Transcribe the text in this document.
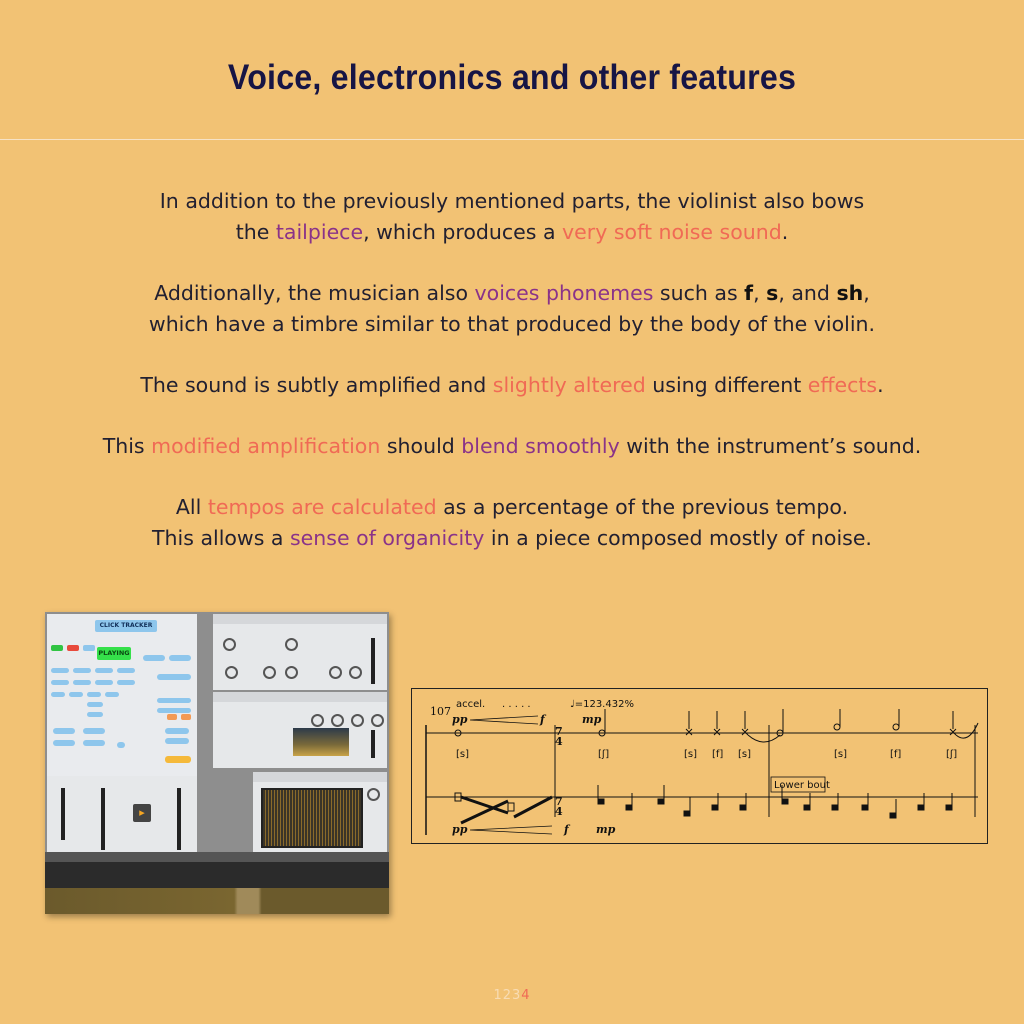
Voice, electronics and other features

In addition to the previously mentioned parts, the violinist also bows
the tailpiece, which produces a very soft noise sound.

Additionally, the musician also voices phonemes such as f, s, and sh,
which have a timbre similar to that produced by the body of the violin.

The sound is subtly amplified and slightly altered using different effects.

This modified amplification should blend smoothly with the instrument’s sound.

All tempos are calculated as a percentage of the previous tempo.
This allows a sense of organicity in a piece composed mostly of noise.

CLICK TRACKER
PLAYING
▸
107
accel. . . . . .	♩=123.432%
pp	f	mp
7
4
7
4
[s]	[ʃ]	[s] [f] [s]	[s]	[f]	[ʃ]
Lower bout
pp	f mp
1234
